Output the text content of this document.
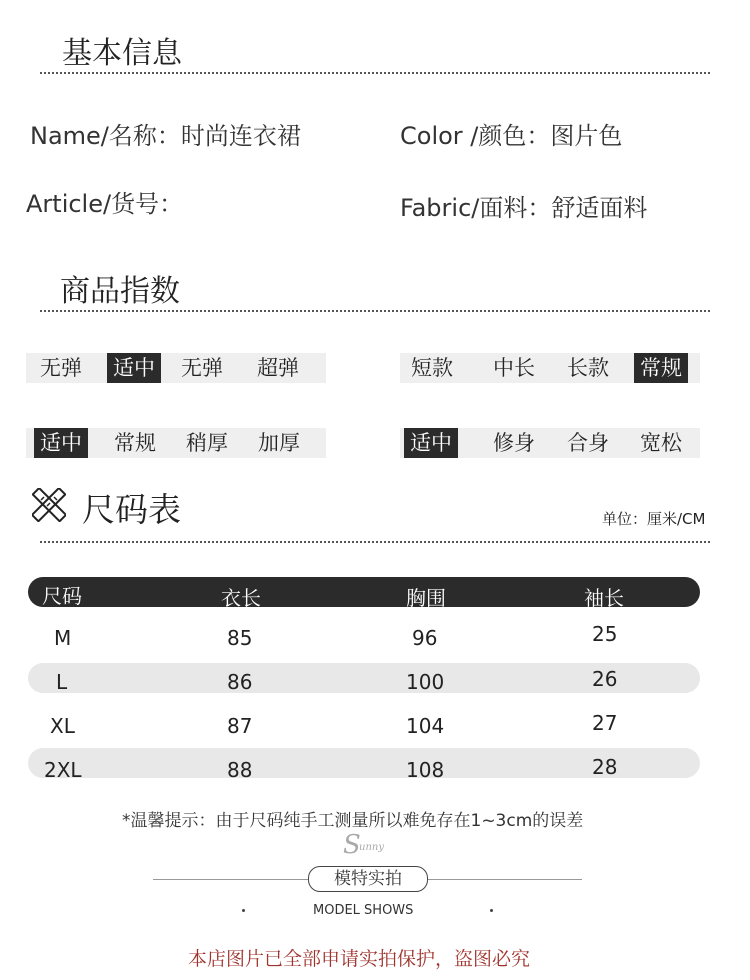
基本信息
Name/名称：时尚连衣裙	Color /颜色：图片色
Article/货号：	Fabric/面料：舒适面料
商品指数
无弹 适中 无弹 超弹	短款 中长 长款 常规
适中 常规 稍厚 加厚	适中 修身 合身 宽松
尺码表	单位：厘米/CM
尺码	衣长	胸围	袖长
M	85	96	25
L	86	100	26
XL	87	104	27
2XL	88	108	28
*温馨提示：由于尺码纯手工测量所以难免存在1~3cm的误差
S
unny
模特实拍
MODEL SHOWS
本店图片已全部申请实拍保护，盗图必究
